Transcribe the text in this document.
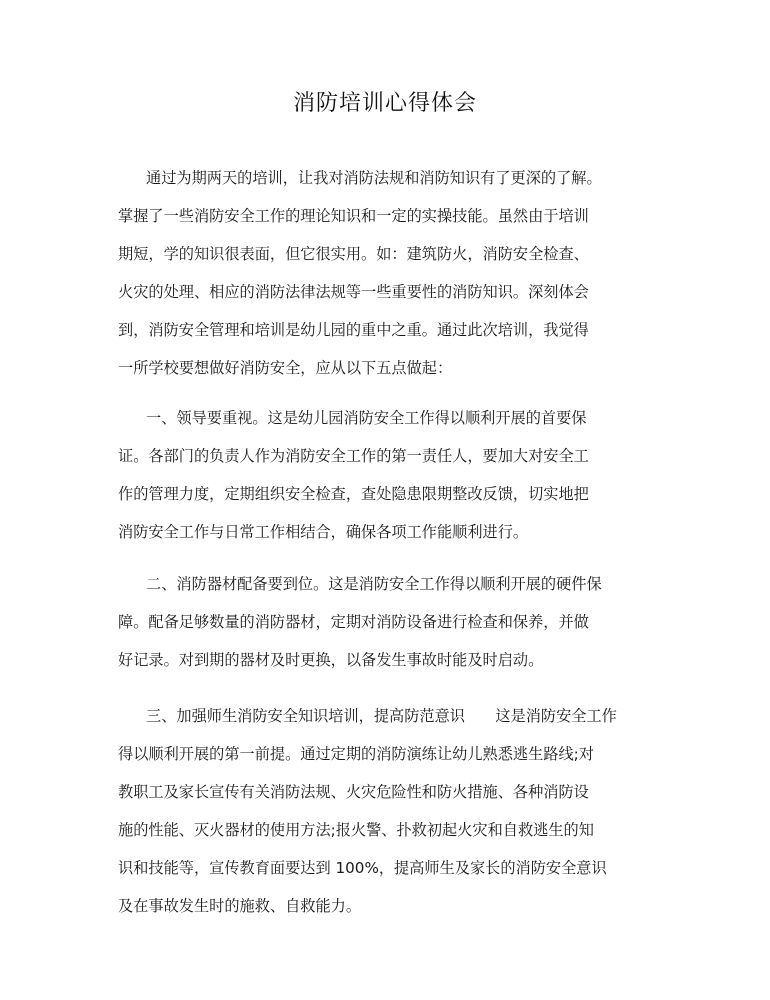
消防培训心得体会
通过为期两天的培训，让我对消防法规和消防知识有了更深的了解。
掌握了一些消防安全工作的理论知识和一定的实操技能。虽然由于培训
期短，学的知识很表面，但它很实用。如：建筑防火，消防安全检查、
火灾的处理、相应的消防法律法规等一些重要性的消防知识。深刻体会
到，消防安全管理和培训是幼儿园的重中之重。通过此次培训，我觉得
一所学校要想做好消防安全，应从以下五点做起：
一、领导要重视。这是幼儿园消防安全工作得以顺利开展的首要保
证。各部门的负责人作为消防安全工作的第一责任人，要加大对安全工
作的管理力度，定期组织安全检查，查处隐患限期整改反馈，切实地把
消防安全工作与日常工作相结合，确保各项工作能顺利进行。
二、消防器材配备要到位。这是消防安全工作得以顺利开展的硬件保
障。配备足够数量的消防器材，定期对消防设备进行检查和保养，并做
好记录。对到期的器材及时更换，以备发生事故时能及时启动。
三、加强师生消防安全知识培训，提高防范意识　　这是消防安全工作
得以顺利开展的第一前提。通过定期的消防演练让幼儿熟悉逃生路线;对
教职工及家长宣传有关消防法规、火灾危险性和防火措施、各种消防设
施的性能、灭火器材的使用方法;报火警、扑救初起火灾和自救逃生的知
识和技能等，宣传教育面要达到 100%，提高师生及家长的消防安全意识
及在事故发生时的施救、自救能力。
